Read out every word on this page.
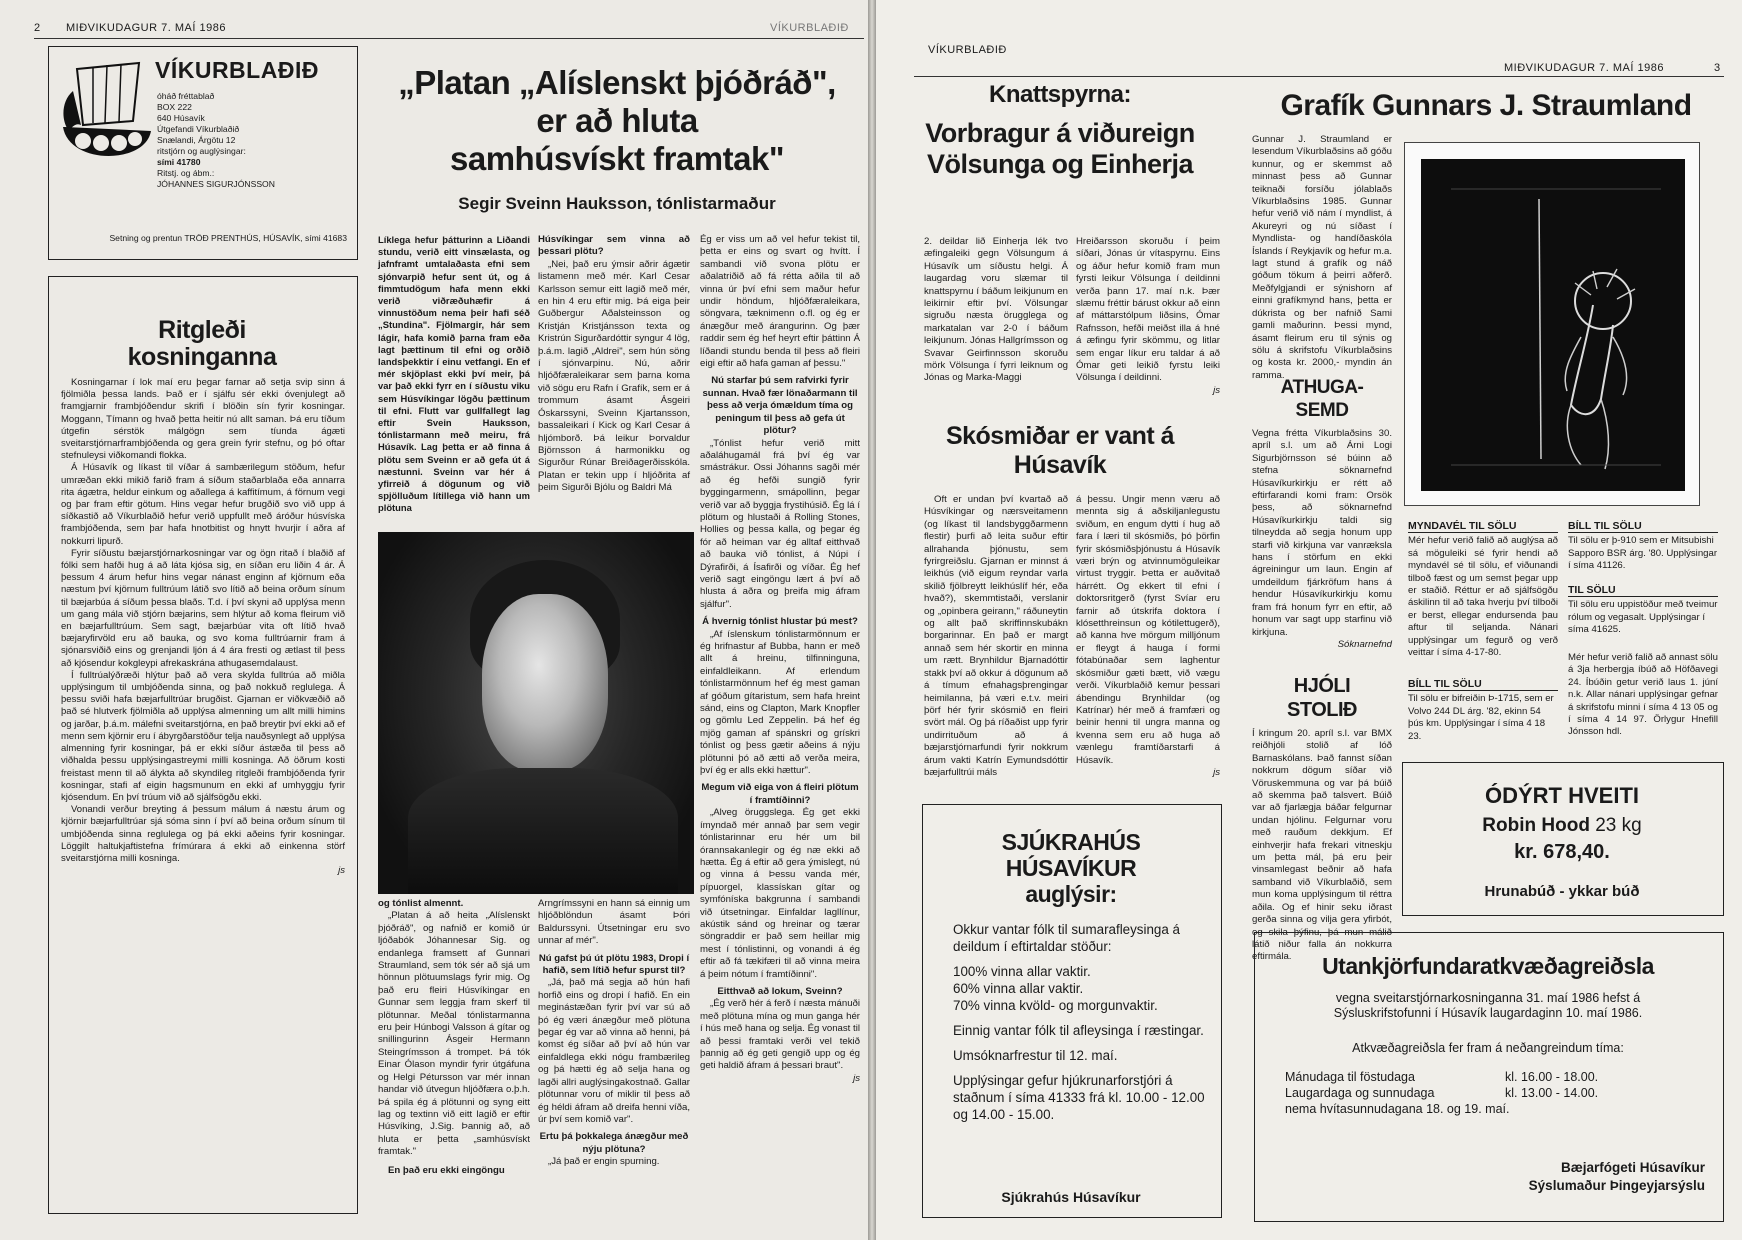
2 MIÐVIKUDAGUR 7. MAÍ 1986	VÍKURBLAÐIÐ
VÍKURBLAÐIÐ
óháð fréttablað
BOX 222
640 Húsavík
Útgefandi Víkurblaðið
Snælandi, Árgötu 12
ritstjórn og auglýsingar:
sími 41780
Ritstj. og ábm.:
JÓHANNES SIGURJÓNSSON
Setning og prentun TRÖÐ PRENTHÚS, HÚSAVÍK, sími 41683
Ritgleði
kosninganna

Kosningarnar í lok maí eru þegar farnar að setja svip sinn á fjölmiðla þessa lands. Það er í sjálfu sér ekki óvenjulegt að framgjarnir frambjóðendur skrifi í blöðin sín fyrir kosningar. Moggann, Tímann og hvað þetta heitir nú allt saman. Þá eru tíðum útgefin sérstök málgögn sem tíunda ágæti sveitarstjórnarframbjóðenda og gera grein fyrir stefnu, og þó oftar stefnuleysi viðkomandi flokka.

Á Húsavík og líkast til víðar á sambærilegum stöðum, hefur umræðan ekki mikið farið fram á síðum staðarblaða eða annarra rita ágætra, heldur einkum og aðallega á kaffitímum, á förnum vegi og þar fram eftir götum. Hins vegar hefur brugðið svo við upp á síðkastið að Víkurblaðið hefur verið uppfullt með áróður húsvíska frambjóðenda, sem þar hafa hnotbitist og hnytt hvurjir í aðra af nokkurri lipurð.

Fyrir síðustu bæjarstjórnarkosningar var og ögn ritað í blaðið af fólki sem hafði hug á að láta kjósa sig, en síðan eru liðin 4 ár. Á þessum 4 árum hefur hins vegar nánast enginn af kjörnum eða næstum því kjörnum fulltrúum látið svo lítið að beina orðum sínum til bæjarbúa á síðum þessa blaðs. T.d. í því skyni að upplýsa menn um gang mála við stjórn bæjarins, sem hlýtur að koma fleirum við en bæjarfulltrúum. Sem sagt, bæjarbúar vita oft lítið hvað bæjaryfirvöld eru að bauka, og svo koma fulltrúarnir fram á sjónarsviðið eins og grenjandi ljón á 4 ára fresti og ætlast til þess að kjósendur kokgleypi afrekaskrána athugasemdalaust.

Í fulltrúalýðræði hlýtur það að vera skylda fulltrúa að miðla upplýsingum til umbjóðenda sinna, og það nokkuð reglulega. Á þessu sviði hafa bæjarfulltrúar brugðist. Gjarnan er viðkvæðið að það sé hlutverk fjölmiðla að upplýsa almenning um allt milli himins og jarðar, þ.á.m. málefni sveitarstjórna, en það breytir því ekki að ef menn sem kjörnir eru í ábyrgðarstöður telja nauðsynlegt að upplýsa almenning fyrir kosningar, þá er ekki síður ástæða til þess að viðhalda þessu upplýsingastreymi milli kosninga. Að öðrum kosti freistast menn til að álykta að skyndileg ritgleði frambjóðenda fyrir kosningar, stafi af eigin hagsmunum en ekki af umhyggju fyrir kjósendum. En því trúum við að sjálfsögðu ekki.

Vonandi verður breyting á þessum málum á næstu árum og kjörnir bæjarfulltrúar sjá sóma sinn í því að beina orðum sínum til umbjóðenda sinna reglulega og þá ekki aðeins fyrir kosningar. Löggilt haltukjaftistefna frímúrara á ekki að einkenna störf sveitarstjórna milli kosninga.

js

„Platan „Alíslenskt þjóðráð",
er að hluta
samhúsvískt framtak"
Segir Sveinn Hauksson, tónlistarmaður

Líklega hefur þátturinn a Liðandi stundu, verið eitt vinsælasta, og jafnframt umtalaðasta efni sem sjónvarpið hefur sent út, og á fimmtudögum hafa menn ekki verið viðræðuhæfir á vinnustöðum nema þeir hafi séð „Stundina". Fjölmargir, hár sem lágir, hafa komið þarna fram eða lagt þættinum til efni og orðið landsþekktir í einu vetfangi. En ef mér skjöplast ekki því meir, þá var það ekki fyrr en í síðustu viku sem Húsvíkingar lögðu þættinum til efni. Flutt var gullfallegt lag eftir Svein Hauksson, tónlistarmann með meiru, frá Húsavík. Lag þetta er að finna á plötu sem Sveinn er að gefa út á næstunni. Sveinn var hér á yfirreið á dögunum og við spjölluðum lítillega við hann um plötuna

og tónlist almennt.

„Platan á að heita „Alíslenskt þjóðráð", og nafnið er komið úr ljóðabók Jóhannesar Sig. og endanlega framsett af Gunnari Straumland, sem tók sér að sjá um hönnun plötuumslags fyrir mig. Og það eru fleiri Húsvíkingar en Gunnar sem leggja fram skerf til plötunnar. Meðal tónlistarmanna eru þeir Húnbogi Valsson á gítar og snillingurinn Ásgeir Hermann Steingrímsson á trompet. Þá tók Einar Ólason myndir fyrir útgáfuna og Helgi Pétursson var mér innan handar við útvegun hljóðfæra o.þ.h. Þá spila ég á plötunni og syng eitt lag og textinn við eitt lagið er eftir Húsvíking, J.Sig. Þannig að, að hluta er þetta „samhúsvískt framtak."

En það eru ekki eingöngu

Húsvíkingar sem vinna að þessari plötu?

„Nei, það eru ýmsir aðrir ágætir listamenn með mér. Karl Cesar Karlsson semur eitt lagið með mér, en hin 4 eru eftir mig. Þá eiga þeir Guðbergur Aðalsteinsson og Kristján Kristjánsson texta og Kristrún Sigurðardóttir syngur 4 lög, þ.á.m. lagið „Aldrei", sem hún söng í sjónvarpinu. Nú, aðrir hljóðfæraleikarar sem þarna koma við sögu eru Rafn í Grafík, sem er á trommum ásamt Ásgeiri Óskarssyni, Sveinn Kjartansson, bassaleikari í Kick og Karl Cesar á hljómborð. Þá leikur Þorvaldur Björnsson á harmonikku og Sigurður Rúnar Breiðagerðisskóla. Platan er tekin upp í hljóðrita af þeim Sigurði Bjólu og Baldri Má

Arngrímssyni en hann sá einnig um hljóðblöndun ásamt Þóri Baldurssyni. Útsetningar eru svo unnar af mér".

Nú gafst þú út plötu 1983, Dropi í hafið, sem lítið hefur spurst til?

„Já, það má segja að hún hafi horfið eins og dropi í hafið. En ein meginástæðan fyrir því var sú að þó ég væri ánægður með plötuna þegar ég var að vinna að henni, þá komst ég síðar að því að hún var einfaldlega ekki nógu frambærileg og þá hætti ég að selja hana og lagði allri auglýsingakostnað. Gallar plötunnar voru of miklir til þess að ég héldi áfram að dreifa henni víða, úr því sem komið var".

Ertu þá þokkalega ánægður með nýju plötuna?

„Já það er engin spurning.

Ég er viss um að vel hefur tekist til, þetta er eins og svart og hvítt. Í sambandi við svona plötu er aðalatriðið að fá rétta aðila til að vinna úr því efni sem maður hefur undir höndum, hljóðfæraleikara, söngvara, tæknimenn o.fl. og ég er ánægður með árangurinn. Og þær raddir sem ég hef heyrt eftir þáttinn Á líðandi stundu benda til þess að fleiri eigi eftir að hafa gaman af þessu."

Nú starfar þú sem rafvirki fyrir sunnan. Hvað fær lönaðarmann til þess að verja ómældum tíma og peningum til þess að gefa út plötur?

„Tónlist hefur verið mitt aðaláhugamál frá því ég var smástrákur. Ossi Jóhanns sagði mér að ég hefði sungið fyrir byggingarmenn, smápollinn, þegar verið var að byggja frystihúsið. Ég lá í plötum og hlustaði á Rolling Stones, Hollies og þessa kalla, og þegar ég fór að heiman var ég alltaf eitthvað að bauka við tónlist, á Núpi í Dýrafirði, á Ísafirði og víðar. Ég hef verið sagt eingöngu lært á því að hlusta á aðra og þreifa mig áfram sjálfur".

Á hvernig tónlist hlustar þú mest?

„Af íslenskum tónlistarmönnum er ég hrifnastur af Bubba, hann er með allt á hreinu, tilfinninguna, einfaldleikann. Af erlendum tónlistarmönnum hef ég mest gaman af góðum gítaristum, sem hafa hreint sánd, eins og Clapton, Mark Knopfler og gömlu Led Zeppelin. Þá hef ég mjög gaman af spánskri og grískri tónlist og þess gætir aðeins á nýju plötunni þó að ætti að verða meira, því ég er alls ekki hættur".

Megum við eiga von á fleiri plötum í framtíðinni?

„Alveg öruggslega. Ég get ekki ímyndað mér annað þar sem vegir tónlistarinnar eru hér um bil órannsakanlegir og ég næ ekki að hætta. Ég á eftir að gera ýmislegt, nú og vinna á Þessu vanda mér, pípuorgel, klassískan gítar og symfóníska bakgrunna í sambandi við útsetningar. Einfaldar lagllínur, akústik sánd og hreinar og tærar söngraddir er það sem heillar mig mest í tónlistinni, og vonandi á ég eftir að fá tækifæri til að vinna meira á þeim nótum í framtíðinni".

Eitthvað að lokum, Sveinn?

„Ég verð hér á ferð í næsta mánuði með plötuna mína og mun ganga hér í hús með hana og selja. Ég vonast til að þessi framtaki verði vel tekið þannig að ég geti gengið upp og ég geti haldið áfram á þessari braut".

js

VÍKURBLAÐIÐ
MIÐVIKUDAGUR 7. MAÍ 1986	3
Knattspyrna:
Vorbragur á viðureign Völsunga og Einherja

2. deildar lið Einherja lék tvo æfingaleiki gegn Völsungum á Húsavík um síðustu helgi. Á laugardag voru slæmar til knattspyrnu í báðum leikjunum en leikirnir eftir því. Völsungar sigruðu næsta örugglega og markatalan var 2-0 í báðum leikjunum. Jónas Hallgrímsson og Svavar Geirfinnsson skoruðu mörk Völsunga í fyrri leiknum og Jónas og Marka-Maggi

Hreiðarsson skoruðu í þeim síðari, Jónas úr vítaspyrnu. Eins og áður hefur komið fram mun fyrsti leikur Völsunga í deildinni verða þann 17. maí n.k. Þær slæmu fréttir bárust okkur að einn af máttarstólpum liðsins, Ómar Rafnsson, hefði meiðst illa á hné á æfingu fyrir skömmu, og litlar sem engar líkur eru taldar á að Ómar geti leikið fyrstu leiki Völsunga í deildinni.

js

Skósmiðar er vant á Húsavík

Oft er undan því kvartað að Húsvíkingar og nærsveitamenn (og líkast til landsbyggðarmenn flestir) þurfi að leita suður eftir allrahanda þjónustu, sem fyrirgreiðslu. Gjarnan er minnst á leikhús (við eigum reyndar varla skilið fjölbreytt leikhúslíf hér, eða hvað?), skemmtistaði, verslanir og „opinbera geirann," ráðuneytin og allt það skriffinnskubákn borgarinnar. En það er margt annað sem hér skortir en minna um rætt. Brynhildur Bjarnadóttir stakk því að okkur á dögunum að á tímum efnahagsþrengingar heimilanna, þá væri e.t.v. meiri þörf hér fyrir skósmið en fleiri svört mál. Og þá ríðaðist upp fyrir undirrituðum að á bæjarstjórnarfundi fyrir nokkrum árum vakti Katrín Eymundsdóttir bæjarfulltrúi máls

á þessu. Ungir menn væru að mennta sig á aðskiljanlegustu sviðum, en engum dytti í hug að fara í læri til skósmiðs, þó þörfin fyrir skósmiðsþjónustu á Húsavík væri brýn og atvinnumöguleikar virtust tryggir. Þetta er auðvitað hárrétt. Og ekkert til efni í doktorsritgerð (fyrst Svíar eru farnir að útskrifa doktora í klósetthreinsun og kótilettugerð), að kanna hve mörgum milljónum er fleygt á hauga í formi fótabúnaðar sem laghentur skósmiður gæti bætt, við vægu verði. Víkurblaðið kemur þessari ábendingu Brynhildar (og Katrínar) hér með á framfæri og beinir henni til ungra manna og kvenna sem eru að huga að vænlegu framtíðarstarfi á Húsavík.

js

SJÚKRAHÚS
HÚSAVÍKUR
auglýsir:
Okkur vantar fólk til sumarafleysinga á deildum í eftirtaldar stöður:
100% vinna allar vaktir.
60% vinna allar vaktir.
70% vinna kvöld- og morgunvaktir.
Einnig vantar fólk til afleysinga í ræstingar.
Umsóknarfrestur til 12. maí.
Upplýsingar gefur hjúkrunarforstjóri á staðnum í síma 41333 frá kl. 10.00 - 12.00 og 14.00 - 15.00.
Sjúkrahús Húsavíkur
Grafík Gunnars J. Straumland

Gunnar J. Straumland er lesendum Víkurblaðsins að góðu kunnur, og er skemmst að minnast þess að Gunnar teiknaði forsíðu jólablaðs Víkurblaðsins 1985. Gunnar hefur verið við nám í myndlist, á Akureyri og nú síðast í Myndlista- og handíðaskóla Íslands í Reykjavík og hefur m.a. lagt stund á grafík og náð góðum tökum á þeirri aðferð. Meðfylgjandi er sýnishorn af einni grafíkmynd hans, þetta er dúkrista og ber nafnið Sami gamli maðurinn. Þessi mynd, ásamt fleirum eru til sýnis og sölu á skrifstofu Víkurblaðsins og kosta kr. 2000,- myndin án ramma.

ATHUGA-
SEMD

Vegna frétta Víkurblaðsins 30. apríl s.l. um að Árni Logi Sigurbjörnsson sé búinn að stefna söknarnefnd Húsavíkurkirkju er rétt að eftirfarandi komi fram: Orsök þess, að söknarnefnd Húsavíkurkirkju taldi sig tilneydda að segja honum upp starfi við kirkjuna var vanræksla hans í störfum en ekki ágreiningur um laun. Engin af umdeildum fjárkröfum hans á hendur Húsavíkurkirkju komu fram frá honum fyrr en eftir, að honum var sagt upp starfinu við kirkjuna.

Sóknarnefnd

HJÓLI
STOLIÐ

Í kringum 20. apríl s.l. var BMX reiðhjóli stolið af lóð Barnaskólans. Það fannst síðan nokkrum dögum síðar við Vöruskemmuna og var þá búið að skemma það talsvert. Búið var að fjarlægja báðar felgurnar undan hjólinu. Felgurnar voru með rauðum dekkjum. Ef einhverjir hafa frekari vitneskju um þetta mál, þá eru þeir vinsamlegast beðnir að hafa samband við Víkurblaðið, sem mun koma upplýsingum til réttra aðila. Og ef hinir seku iðrast gerða sinna og vilja gera yfirbót, og skila þýfinu, þá mun málið látið niður falla án nokkurra eftirmála.

MYNDAVÉL TIL SÖLU
Mér hefur verið falið að auglýsa að sá möguleiki sé fyrir hendi að myndavél sé til sölu, ef viðunandi tilboð fæst og um semst þegar upp er staðið. Réttur er að sjálfsögðu áskilinn til að taka hverju því tilboði er berst, ellegar endursenda þau aftur til seljanda. Nánari upplýsingar um fegurð og verð veittar í síma 4-17-80.
BÍLL TIL SÖLU
Til sölu er þ-910 sem er Mitsubishi Sapporo BSR árg. '80. Upplýsingar í síma 41126.
TIL SÖLU
Til sölu eru uppistöður með tveimur rólum og vegasalt. Upplýsingar í síma 41625.
Mér hefur verið falið að annast sölu á 3ja herbergja íbúð að Höfðavegi 24. Íbúðin getur verið laus 1. júní n.k. Allar nánari upplýsingar gefnar á skrifstofu minni í síma 4 13 05 og í síma 4 14 97. Örlygur Hnefill Jónsson hdl.
BÍLL TIL SÖLU
Til sölu er bifreiðin Þ-1715, sem er Volvo 244 DL árg. '82, ekinn 54 þús km. Upplýsingar í síma 4 18 23.
ÓDÝRT HVEITI
Robin Hood 23 kg
kr. 678,40.
Hrunabúð - ykkar búð
Utankjörfundaratkvæðagreiðsla
vegna sveitarstjórnarkosninganna 31. maí 1986 hefst á Sýsluskrifstofunni í Húsavík laugardaginn 10. maí 1986.
Atkvæðagreiðsla fer fram á neðangreindum tíma:
Mánudaga til föstudaga	kl. 16.00 - 18.00.
Laugardaga og sunnudaga	kl. 13.00 - 14.00.
nema hvítasunnudagana 18. og 19. maí.
Bæjarfógeti Húsavíkur
Sýslumaður Þingeyjarsýslu
